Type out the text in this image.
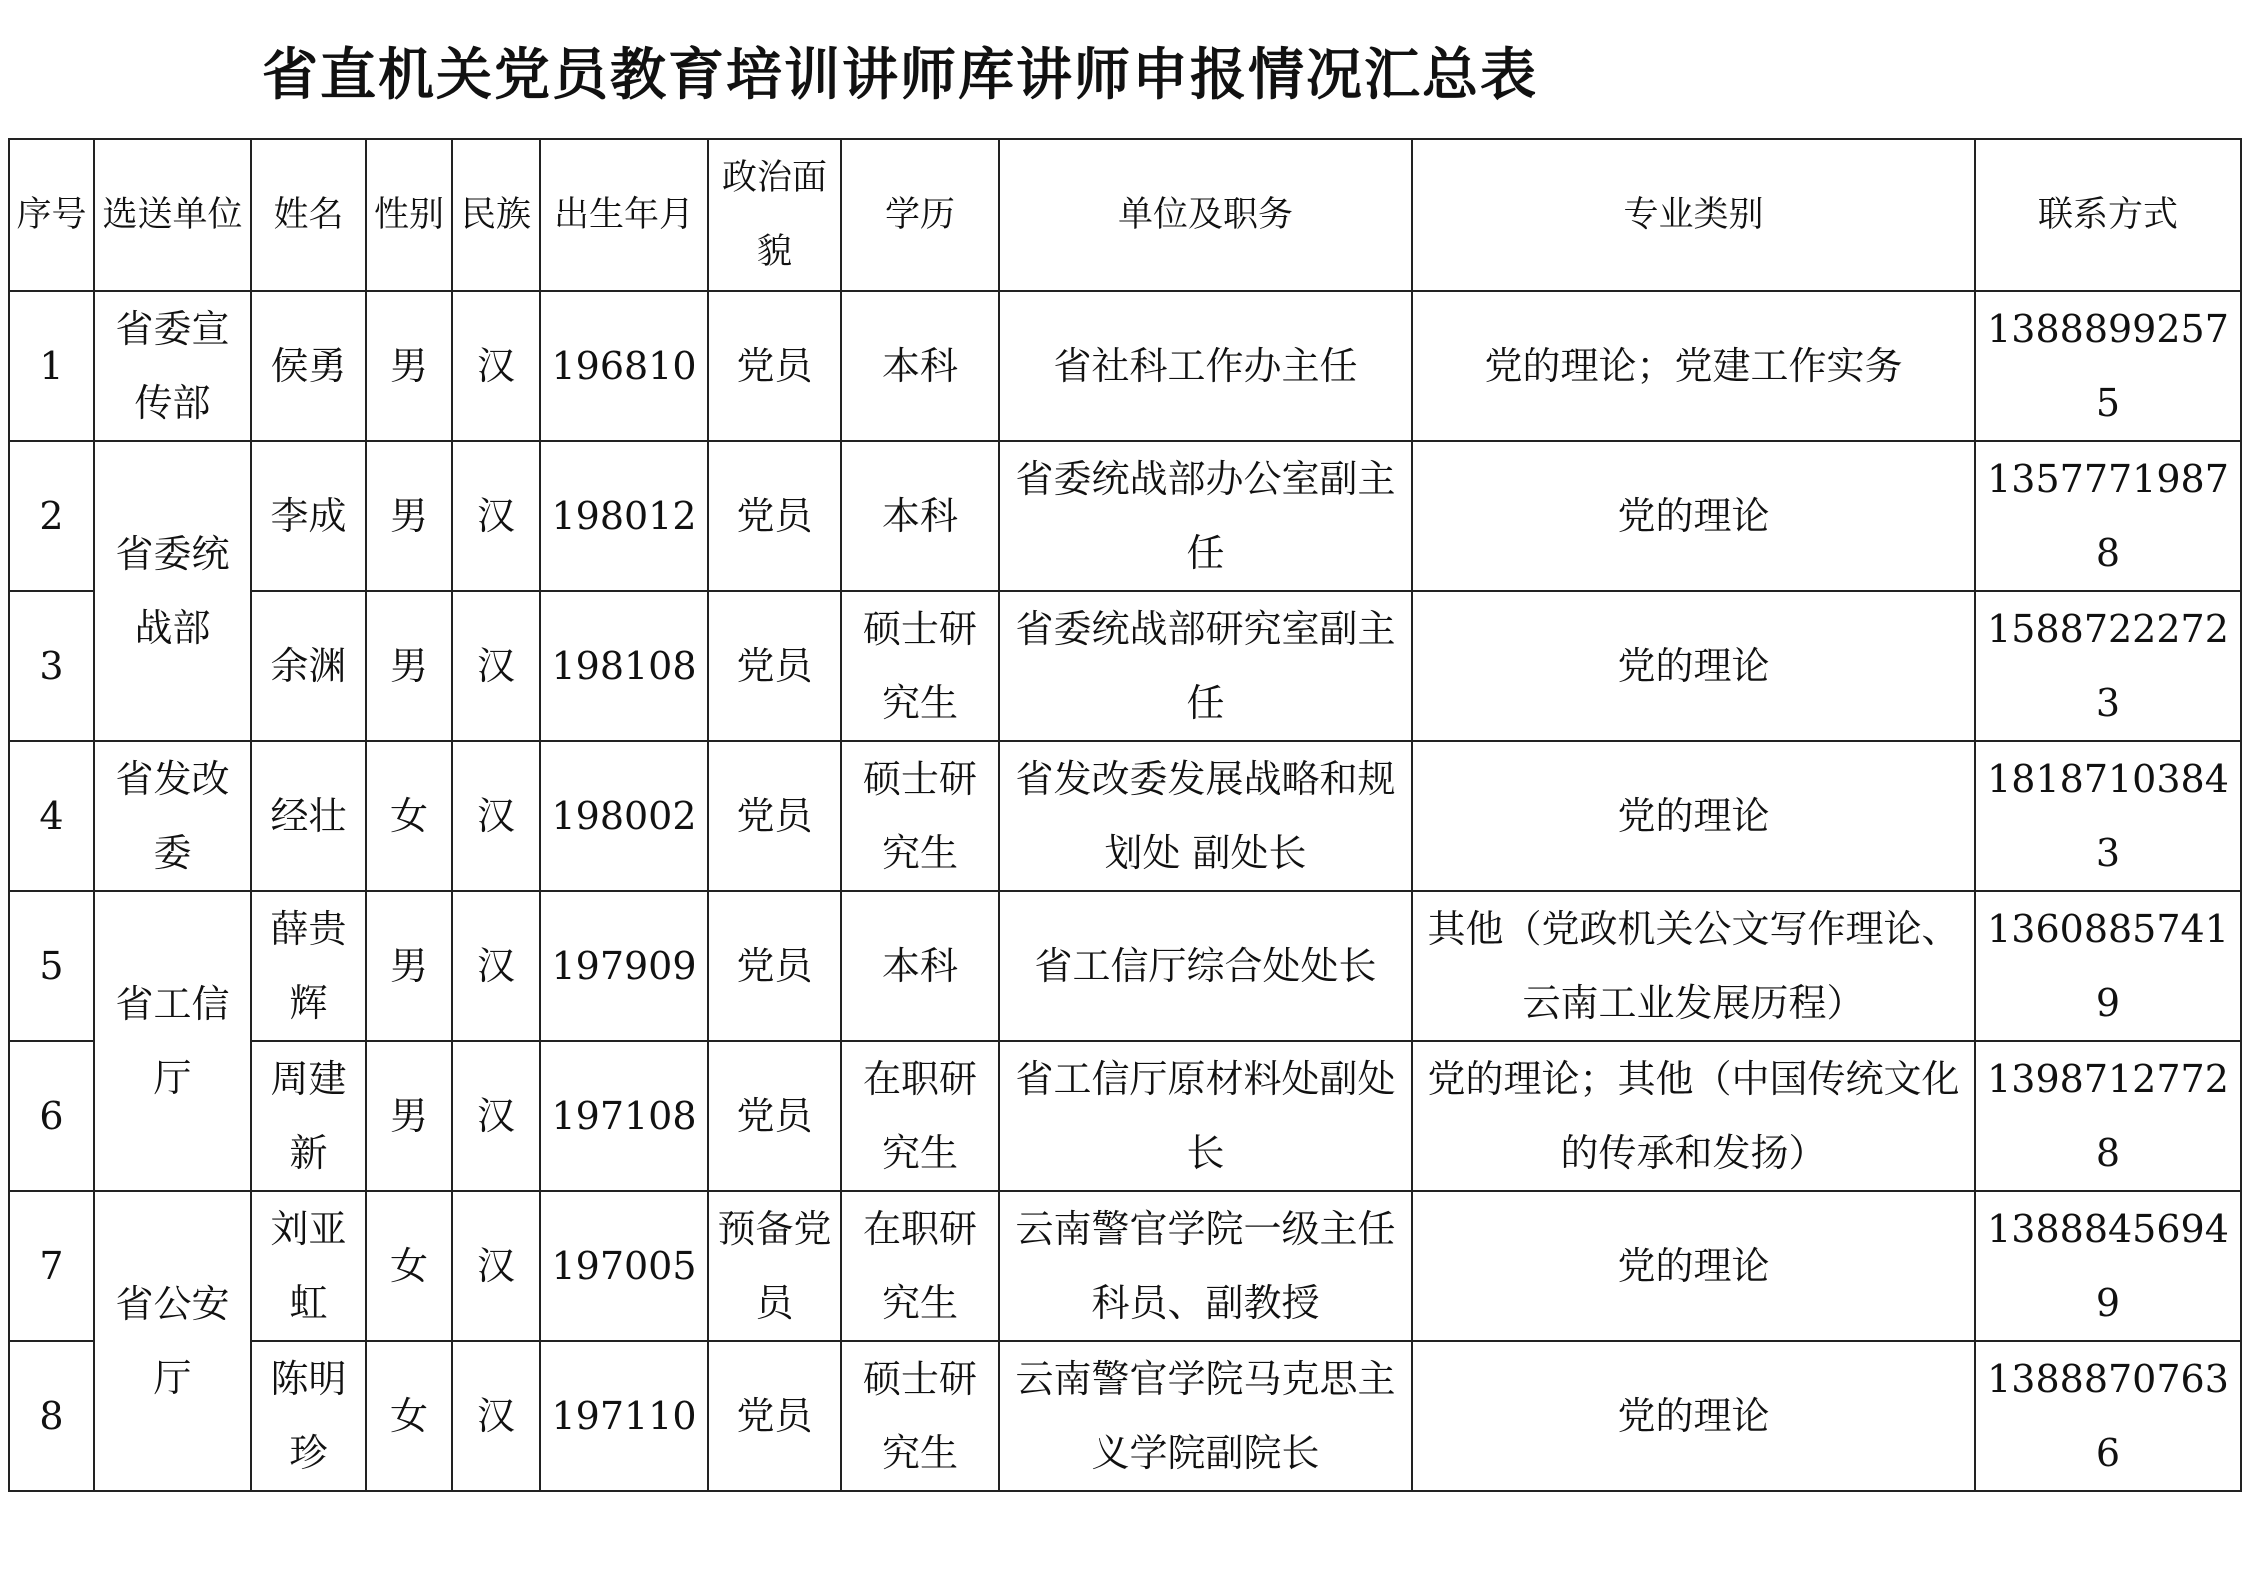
省直机关党员教育培训讲师库讲师申报情况汇总表
序号	选送单位	姓名	性别	民族	出生年月	政治面貌	学历	单位及职务	专业类别	联系方式
1	省委宣传部	侯勇	男	汉	196810	党员	本科	省社科工作办主任	党的理论；党建工作实务	13888992575
2	省委统战部	李成	男	汉	198012	党员	本科	省委统战部办公室副主任	党的理论	13577719878
3		余渊	男	汉	198108	党员	硕士研究生	省委统战部研究室副主任	党的理论	15887222723
4	省发改委	经壮	女	汉	198002	党员	硕士研究生	省发改委发展战略和规划处 副处长	党的理论	18187103843
5	省工信厅	薛贵辉	男	汉	197909	党员	本科	省工信厅综合处处长	其他（党政机关公文写作理论、云南工业发展历程）	13608857419
6		周建新	男	汉	197108	党员	在职研究生	省工信厅原材料处副处长	党的理论；其他（中国传统文化的传承和发扬）	13987127728
7	省公安厅	刘亚虹	女	汉	197005	预备党员	在职研究生	云南警官学院一级主任科员、副教授	党的理论	13888456949
8		陈明珍	女	汉	197110	党员	硕士研究生	云南警官学院马克思主义学院副院长	党的理论	13888707636
